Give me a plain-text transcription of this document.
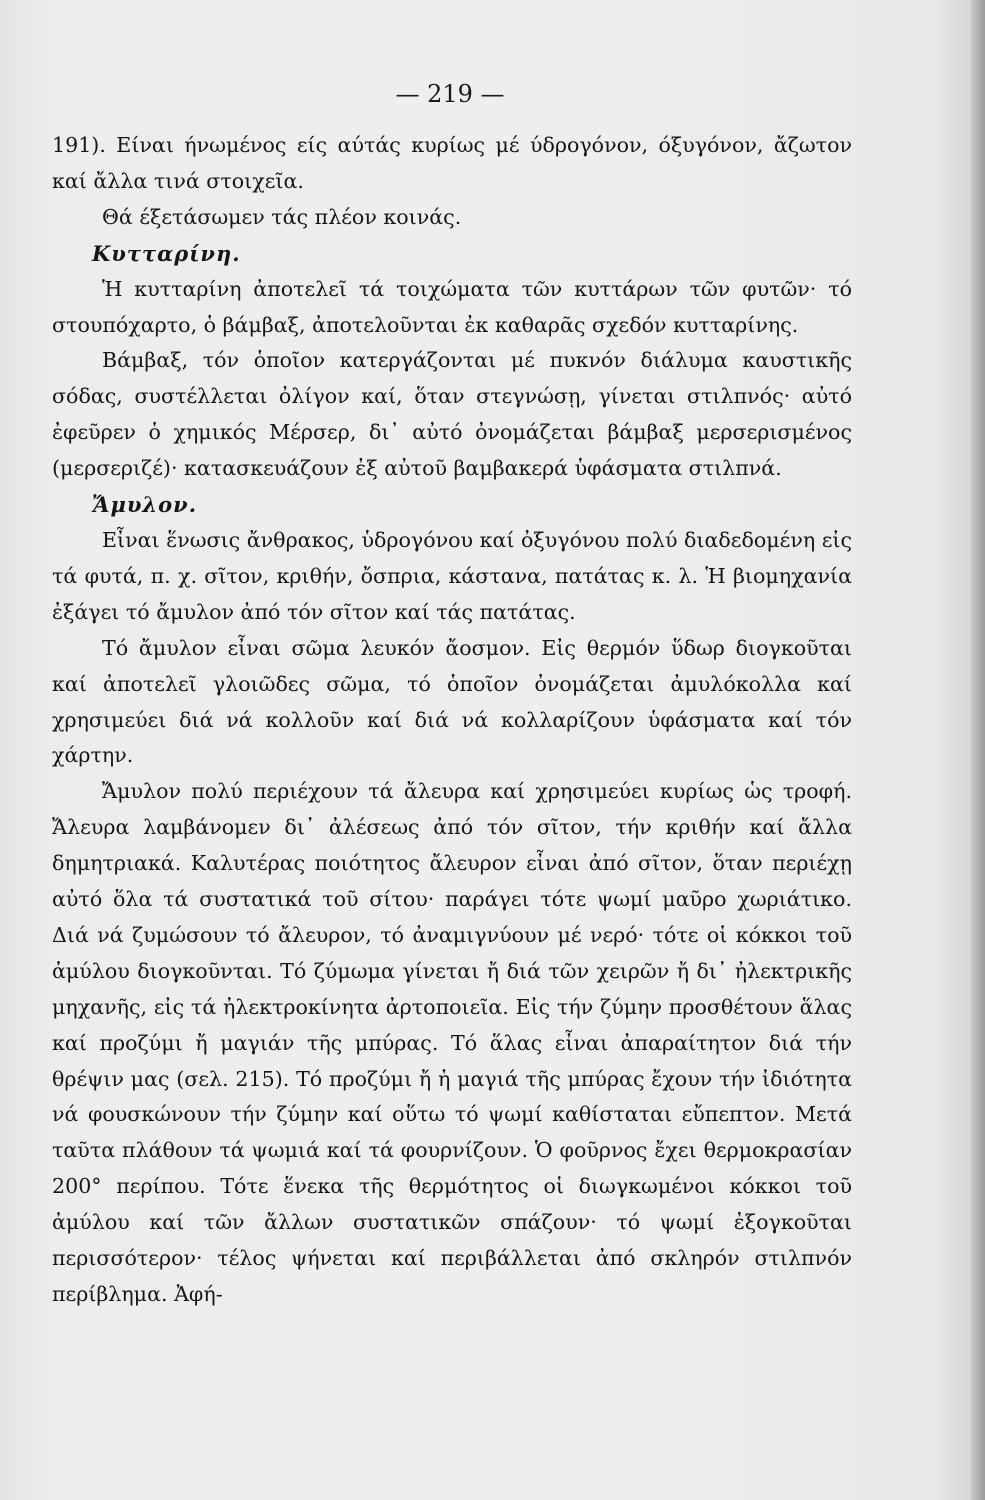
— 219 —

191). Είναι ήνωμένος είς αύτάς κυρίως μέ ύδρογόνον, όξυγόνον, ἄζωτον καί ἄλλα τινά στοιχεῖα.

Θά έξετάσωμεν τάς πλέον κοινάς.

Κυτταρίνη.

Ἡ κυτταρίνη ἀποτελεῖ τά τοιχώματα τῶν κυττάρων τῶν φυτῶν· τό στουπόχαρτο, ὁ βάμβαξ, ἀποτελοῦνται ἐκ καθαρᾶς σχεδόν κυτταρίνης.

Βάμβαξ, τόν ὁποῖον κατεργάζονται μέ πυκνόν διάλυμα καυστικῆς σόδας, συστέλλεται ὀλίγον καί, ὅταν στεγνώσῃ, γίνεται στιλπνός· αὐτό ἐφεῦρεν ὁ χημικός Μέρσερ, δι᾿ αὐτό ὀνομάζεται βάμβαξ μερσερισμένος (μερσεριζέ)· κατασκευάζουν ἐξ αὐτοῦ βαμβακερά ὑφάσματα στιλπνά.

Ἄμυλον.

Εἶναι ἕνωσις ἄνθρακος, ὑδρογόνου καί ὀξυγόνου πολύ διαδεδομένη εἰς τά φυτά, π. χ. σῖτον, κριθήν, ὄσπρια, κάστανα, πατάτας κ. λ. Ἡ βιομηχανία ἐξάγει τό ἄμυλον ἀπό τόν σῖτον καί τάς πατάτας.

Τό ἄμυλον εἶναι σῶμα λευκόν ἄοσμον. Εἰς θερμόν ὕδωρ διογκοῦται καί ἀποτελεῖ γλοιῶδες σῶμα, τό ὁποῖον ὀνομάζεται ἀμυλόκολλα καί χρησιμεύει διά νά κολλοῦν καί διά νά κολλαρίζουν ὑφάσματα καί τόν χάρτην.

Ἄμυλον πολύ περιέχουν τά ἄλευρα καί χρησιμεύει κυρίως ὡς τροφή. Ἄλευρα λαμβάνομεν δι᾿ ἀλέσεως ἀπό τόν σῖτον, τήν κριθήν καί ἄλλα δημητριακά. Καλυτέρας ποιότητος ἄλευρον εἶναι ἀπό σῖτον, ὅταν περιέχῃ αὐτό ὅλα τά συστατικά τοῦ σίτου· παράγει τότε ψωμί μαῦρο χωριάτικο. Διά νά ζυμώσουν τό ἄλευρον, τό ἀναμιγνύουν μέ νερό· τότε οἱ κόκκοι τοῦ ἀμύλου διογκοῦνται. Τό ζύμωμα γίνεται ἤ διά τῶν χειρῶν ἤ δι᾿ ἠλεκτρικῆς μηχανῆς, εἰς τά ἠλεκτροκίνητα ἀρτοποιεῖα. Εἰς τήν ζύμην προσθέτουν ἅλας καί προζύμι ἤ μαγιάν τῆς μπύρας. Τό ἅλας εἶναι ἀπαραίτητον διά τήν θρέψιν μας (σελ. 215). Τό προζύμι ἤ ἡ μαγιά τῆς μπύρας ἔχουν τήν ἰδιότητα νά φουσκώνουν τήν ζύμην καί οὕτω τό ψωμί καθίσταται εὔπεπτον. Μετά ταῦτα πλάθουν τά ψωμιά καί τά φουρνίζουν. Ὁ φοῦρνος ἔχει θερμοκρασίαν 200° περίπου. Τότε ἕνεκα τῆς θερμότητος οἱ διωγκωμένοι κόκκοι τοῦ ἀμύλου καί τῶν ἄλλων συστατικῶν σπάζουν· τό ψωμί ἐξογκοῦται περισσότερον· τέλος ψήνεται καί περιβάλλεται ἀπό σκληρόν στιλπνόν περίβλημα. Ἀφή-
